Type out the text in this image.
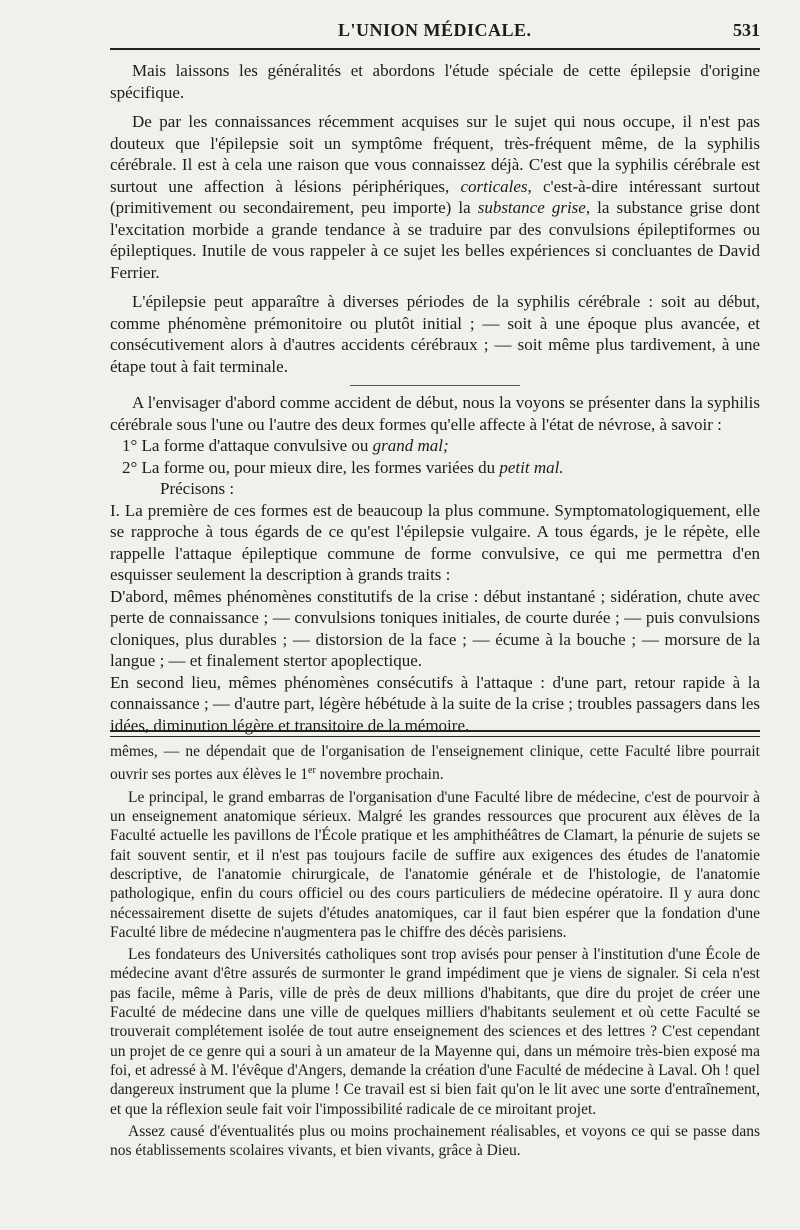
L'UNION MÉDICALE.	531

Mais laissons les généralités et abordons l'étude spéciale de cette épilepsie d'origine spécifique.

De par les connaissances récemment acquises sur le sujet qui nous occupe, il n'est pas douteux que l'épilepsie soit un symptôme fréquent, très-fréquent même, de la syphilis cérébrale. Il est à cela une raison que vous connaissez déjà. C'est que la syphilis cérébrale est surtout une affection à lésions périphériques, corticales, c'est-à-dire intéressant surtout (primitivement ou secondairement, peu importe) la substance grise, la substance grise dont l'excitation morbide a grande tendance à se traduire par des convulsions épileptiformes ou épileptiques. Inutile de vous rappeler à ce sujet les belles expériences si concluantes de David Ferrier.

L'épilepsie peut apparaître à diverses périodes de la syphilis cérébrale : soit au début, comme phénomène prémonitoire ou plutôt initial ; — soit à une époque plus avancée, et consécutivement alors à d'autres accidents cérébraux ; — soit même plus tardivement, à une étape tout à fait terminale.

A l'envisager d'abord comme accident de début, nous la voyons se présenter dans la syphilis cérébrale sous l'une ou l'autre des deux formes qu'elle affecte à l'état de névrose, à savoir :

1° La forme d'attaque convulsive ou grand mal;

2° La forme ou, pour mieux dire, les formes variées du petit mal.

Précisons :

I. La première de ces formes est de beaucoup la plus commune. Symptomatologiquement, elle se rapproche à tous égards de ce qu'est l'épilepsie vulgaire. A tous égards, je le répète, elle rappelle l'attaque épileptique commune de forme convulsive, ce qui me permettra d'en esquisser seulement la description à grands traits :

D'abord, mêmes phénomènes constitutifs de la crise : début instantané ; sidération, chute avec perte de connaissance ; — convulsions toniques initiales, de courte durée ; — puis convulsions cloniques, plus durables ; — distorsion de la face ; — écume à la bouche ; — morsure de la langue ; — et finalement stertor apoplectique.

En second lieu, mêmes phénomènes consécutifs à l'attaque : d'une part, retour rapide à la connaissance ; — d'autre part, légère hébétude à la suite de la crise ; troubles passagers dans les idées, diminution légère et transitoire de la mémoire.

mêmes, — ne dépendait que de l'organisation de l'enseignement clinique, cette Faculté libre pourrait ouvrir ses portes aux élèves le 1er novembre prochain.

Le principal, le grand embarras de l'organisation d'une Faculté libre de médecine, c'est de pourvoir à un enseignement anatomique sérieux. Malgré les grandes ressources que procurent aux élèves de la Faculté actuelle les pavillons de l'École pratique et les amphithéâtres de Clamart, la pénurie de sujets se fait souvent sentir, et il n'est pas toujours facile de suffire aux exigences des études de l'anatomie descriptive, de l'anatomie chirurgicale, de l'anatomie générale et de l'histologie, de l'anatomie pathologique, enfin du cours officiel ou des cours particuliers de médecine opératoire. Il y aura donc nécessairement disette de sujets d'études anatomiques, car il faut bien espérer que la fondation d'une Faculté libre de médecine n'augmentera pas le chiffre des décès parisiens.

Les fondateurs des Universités catholiques sont trop avisés pour penser à l'institution d'une École de médecine avant d'être assurés de surmonter le grand impédiment que je viens de signaler. Si cela n'est pas facile, même à Paris, ville de près de deux millions d'habitants, que dire du projet de créer une Faculté de médecine dans une ville de quelques milliers d'habitants seulement et où cette Faculté se trouverait complétement isolée de tout autre enseignement des sciences et des lettres ? C'est cependant un projet de ce genre qui a souri à un amateur de la Mayenne qui, dans un mémoire très-bien exposé ma foi, et adressé à M. l'évêque d'Angers, demande la création d'une Faculté de médecine à Laval. Oh ! quel dangereux instrument que la plume ! Ce travail est si bien fait qu'on le lit avec une sorte d'entraînement, et que la réflexion seule fait voir l'impossibilité radicale de ce miroitant projet.

Assez causé d'éventualités plus ou moins prochainement réalisables, et voyons ce qui se passe dans nos établissements scolaires vivants, et bien vivants, grâce à Dieu.
